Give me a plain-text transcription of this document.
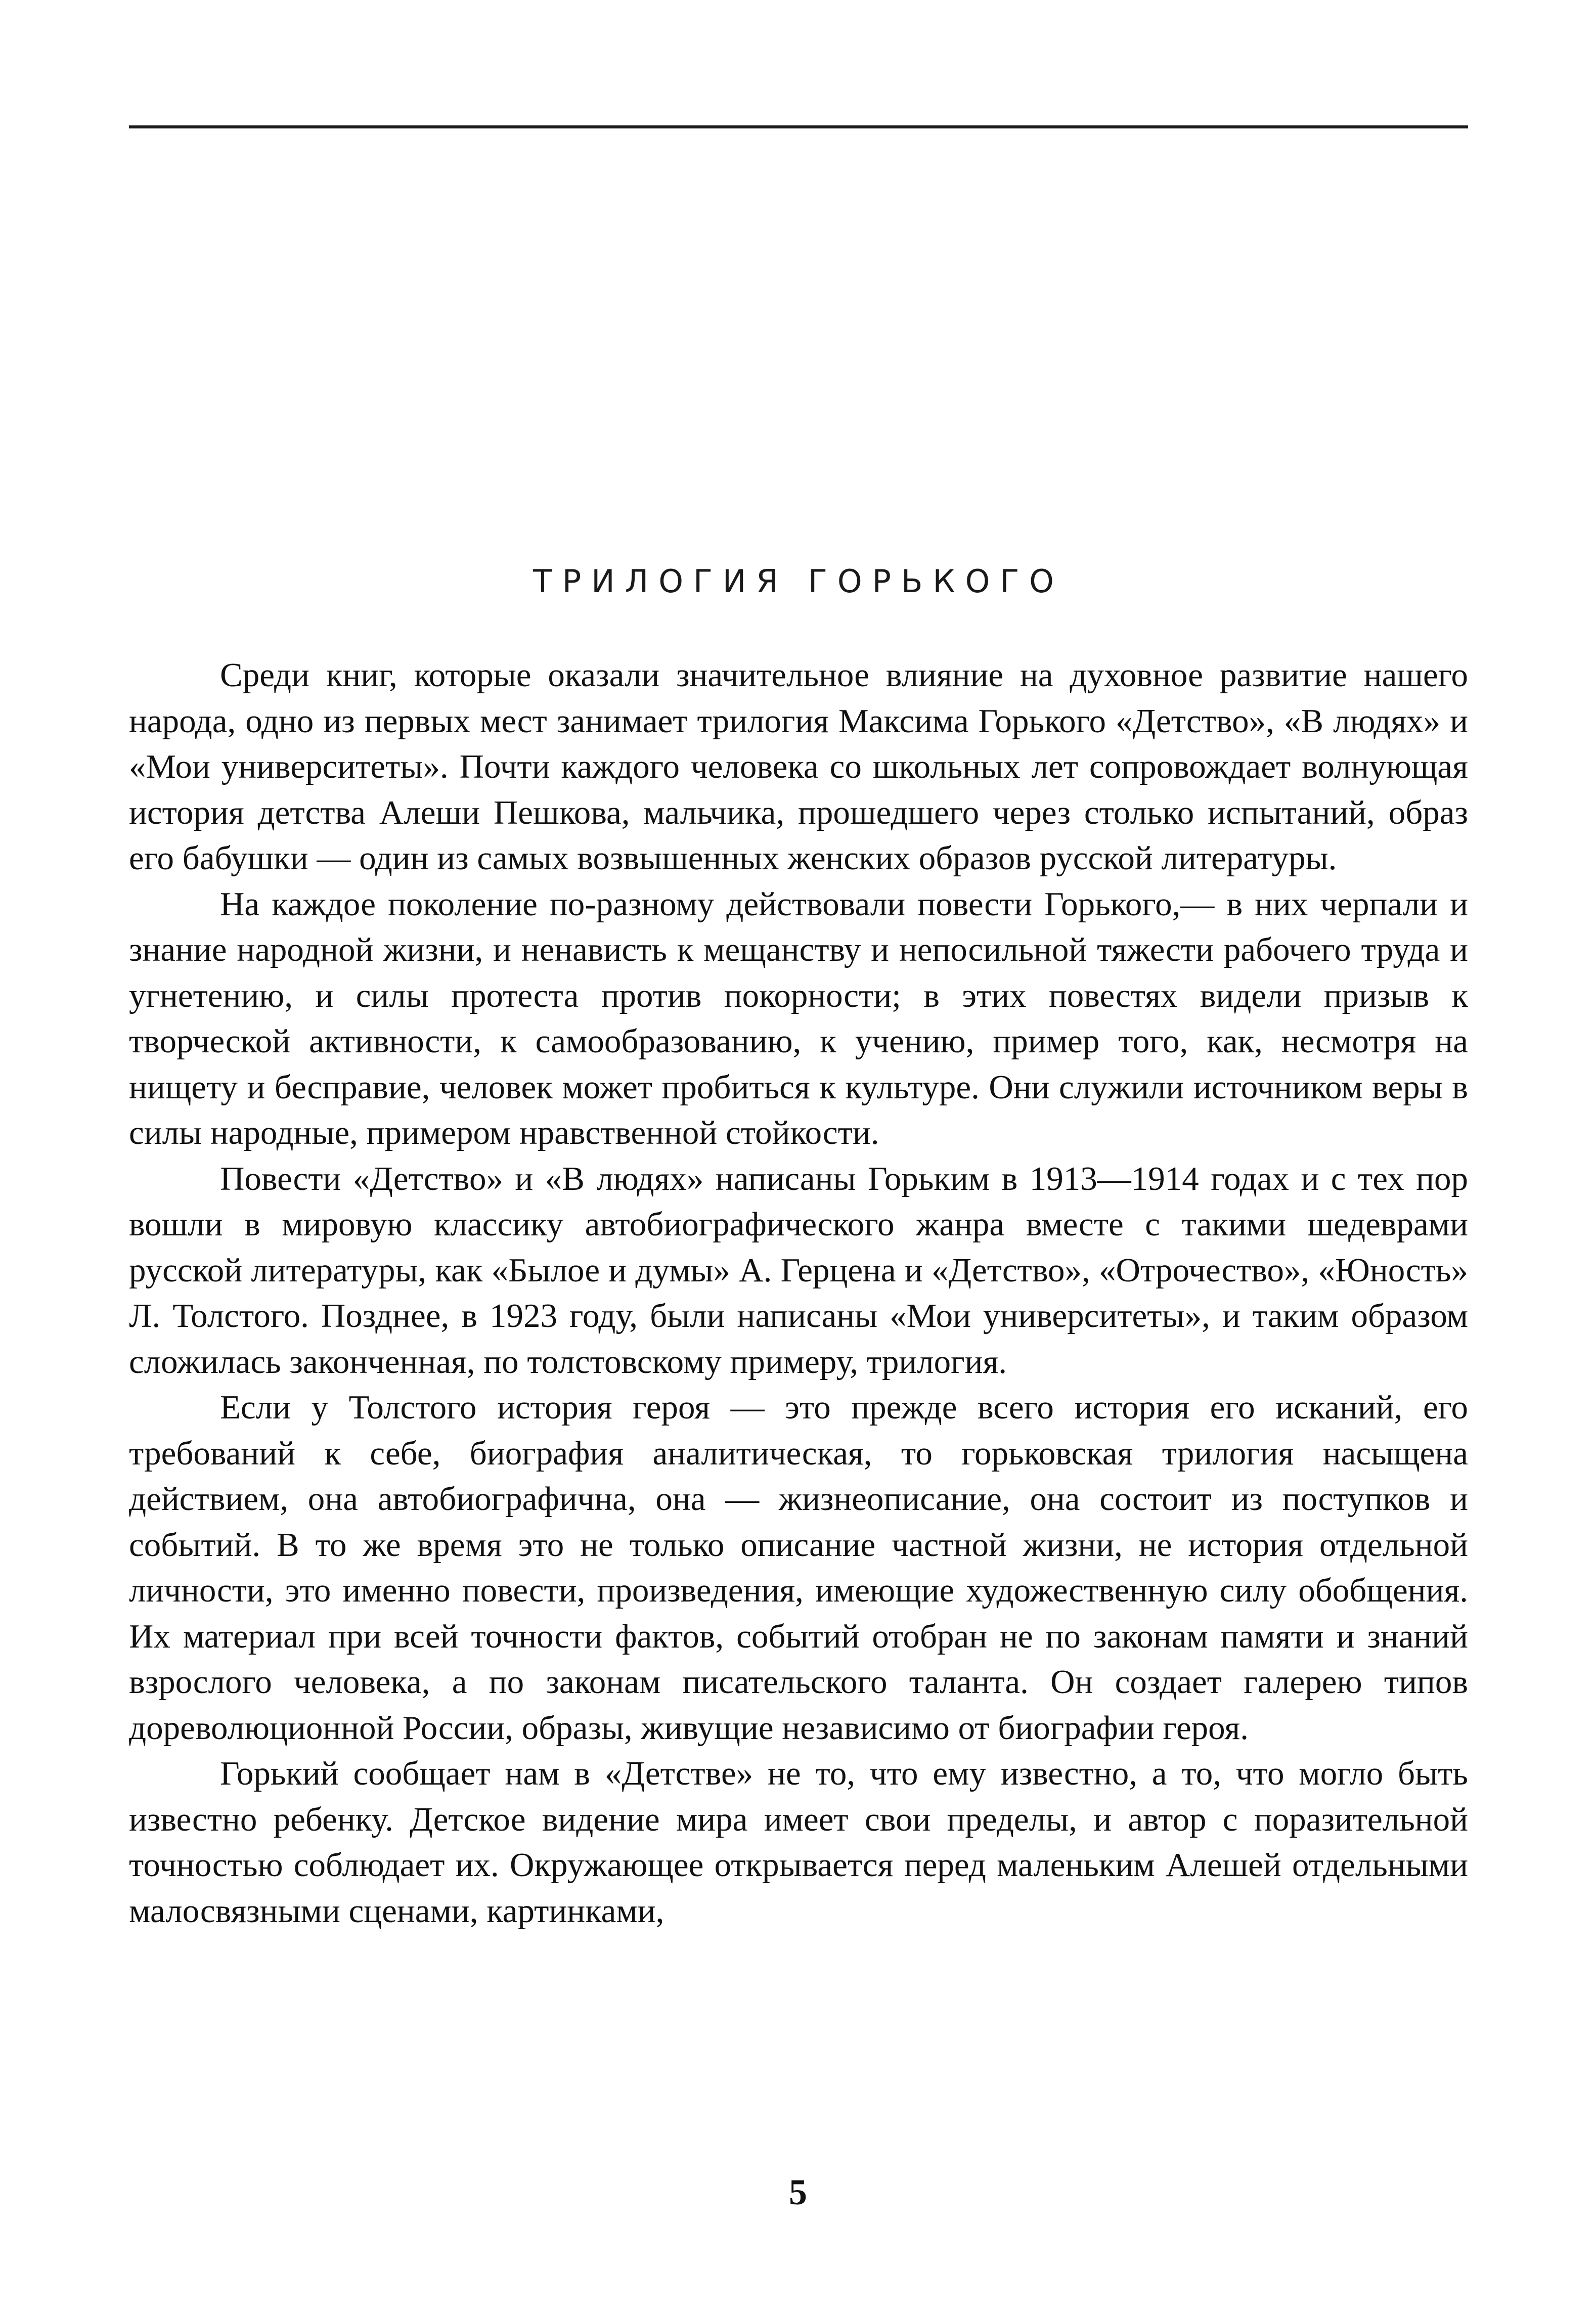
ТРИЛОГИЯ ГОРЬКОГО

Среди книг, которые оказали значительное влияние на духовное развитие нашего народа, одно из первых мест занимает трилогия Максима Горького «Детство», «В людях» и «Мои университеты». Почти каждого человека со школьных лет сопровождает волнующая история детства Алеши Пешкова, мальчика, прошедшего через столько испытаний, образ его бабушки — один из самых возвышенных женских образов русской литературы.

На каждое поколение по-разному действовали повести Горького,— в них черпали и знание народной жизни, и ненависть к мещанству и непосильной тяжести рабочего труда и угнетению, и силы протеста против покорности; в этих повестях видели призыв к творческой активности, к самообразованию, к учению, пример того, как, несмотря на нищету и бесправие, человек может пробиться к культуре. Они служили источником веры в силы народные, примером нравственной стойкости.

Повести «Детство» и «В людях» написаны Горьким в 1913—1914 годах и с тех пор вошли в мировую классику автобиографического жанра вместе с такими шедеврами русской литературы, как «Былое и думы» А. Герцена и «Детство», «Отрочество», «Юность» Л. Толстого. Позднее, в 1923 году, были написаны «Мои университеты», и таким образом сложилась законченная, по толстовскому примеру, трилогия.

Если у Толстого история героя — это прежде всего история его исканий, его требований к себе, биография аналитическая, то горьковская трилогия насыщена действием, она автобиографична, она — жизнеописание, она состоит из поступков и событий. В то же время это не только описание частной жизни, не история отдельной личности, это именно повести, произведения, имеющие художественную силу обобщения. Их материал при всей точности фактов, событий отобран не по законам памяти и знаний взрослого человека, а по законам писательского таланта. Он создает галерею типов дореволюционной России, образы, живущие независимо от биографии героя.

Горький сообщает нам в «Детстве» не то, что ему известно, а то, что могло быть известно ребенку. Детское видение мира имеет свои пределы, и автор с поразительной точностью соблюдает их. Окружающее открывается перед маленьким Алешей отдельными малосвязными сценами, картинками,

5
